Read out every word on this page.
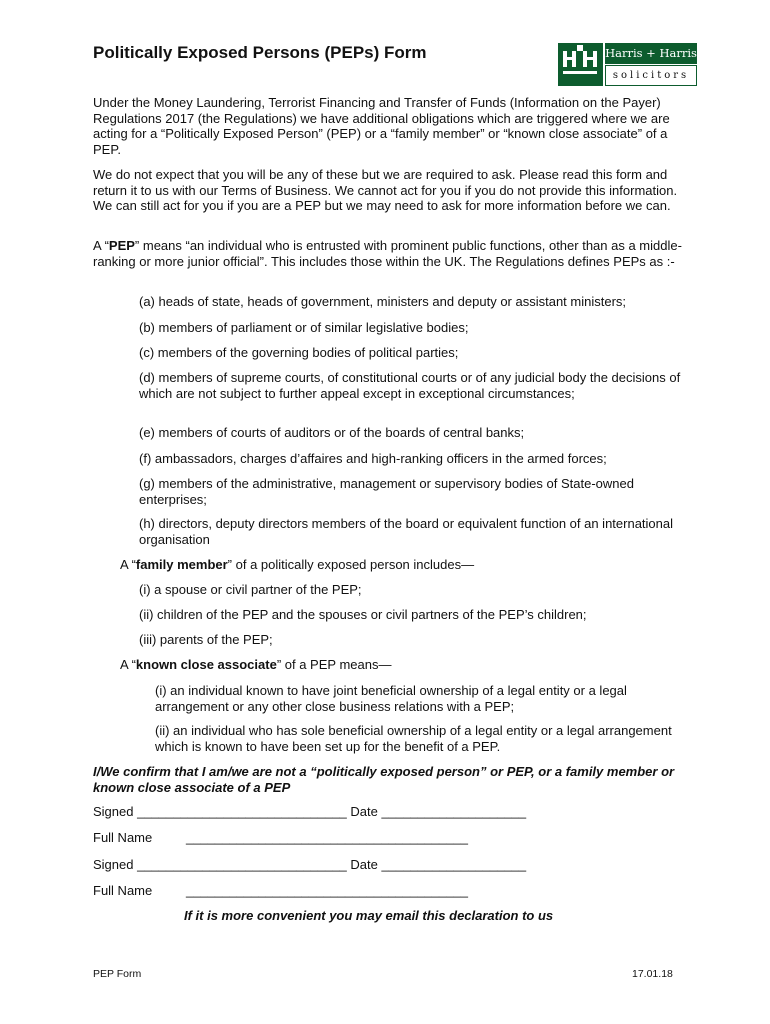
Politically Exposed Persons (PEPs) Form	Harris + Harris
solicitors

Under the Money Laundering, Terrorist Financing and Transfer of Funds (Information on the Payer) Regulations 2017 (the Regulations) we have additional obligations which are triggered where we are acting for a “Politically Exposed Person” (PEP) or a “family member” or “known close associate” of a PEP.

We do not expect that you will be any of these but we are required to ask. Please read this form and return it to us with our Terms of Business. We cannot act for you if you do not provide this information. We can still act for you if you are a PEP but we may need to ask for more information before we can.

A “PEP” means “an individual who is entrusted with prominent public functions, other than as a middle-ranking or more junior official”. This includes those within the UK. The Regulations defines PEPs as :-

(a) heads of state, heads of government, ministers and deputy or assistant ministers;

(b) members of parliament or of similar legislative bodies;

(c) members of the governing bodies of political parties;

(d) members of supreme courts, of constitutional courts or of any judicial body the decisions of which are not subject to further appeal except in exceptional circumstances;

(e) members of courts of auditors or of the boards of central banks;

(f) ambassadors, charges d’affaires and high-ranking officers in the armed forces;

(g) members of the administrative, management or supervisory bodies of State-owned enterprises;

(h) directors, deputy directors members of the board or equivalent function of an international organisation

A “family member” of a politically exposed person includes—

(i) a spouse or civil partner of the PEP;

(ii) children of the PEP and the spouses or civil partners of the PEP’s children;

(iii) parents of the PEP;

A “known close associate” of a PEP means—

(i) an individual known to have joint beneficial ownership of a legal entity or a legal arrangement or any other close business relations with a PEP;

(ii) an individual who has sole beneficial ownership of a legal entity or a legal arrangement which is known to have been set up for the benefit of a PEP.

I/We confirm that I am/we are not a “politically exposed person” or PEP, or a family member or known close associate of a PEP

Signed _____________________________ Date ____________________
Full Name	_______________________________________
Signed _____________________________ Date ____________________
Full Name	_______________________________________
If it is more convenient you may email this declaration to us
PEP Form	17.01.18
